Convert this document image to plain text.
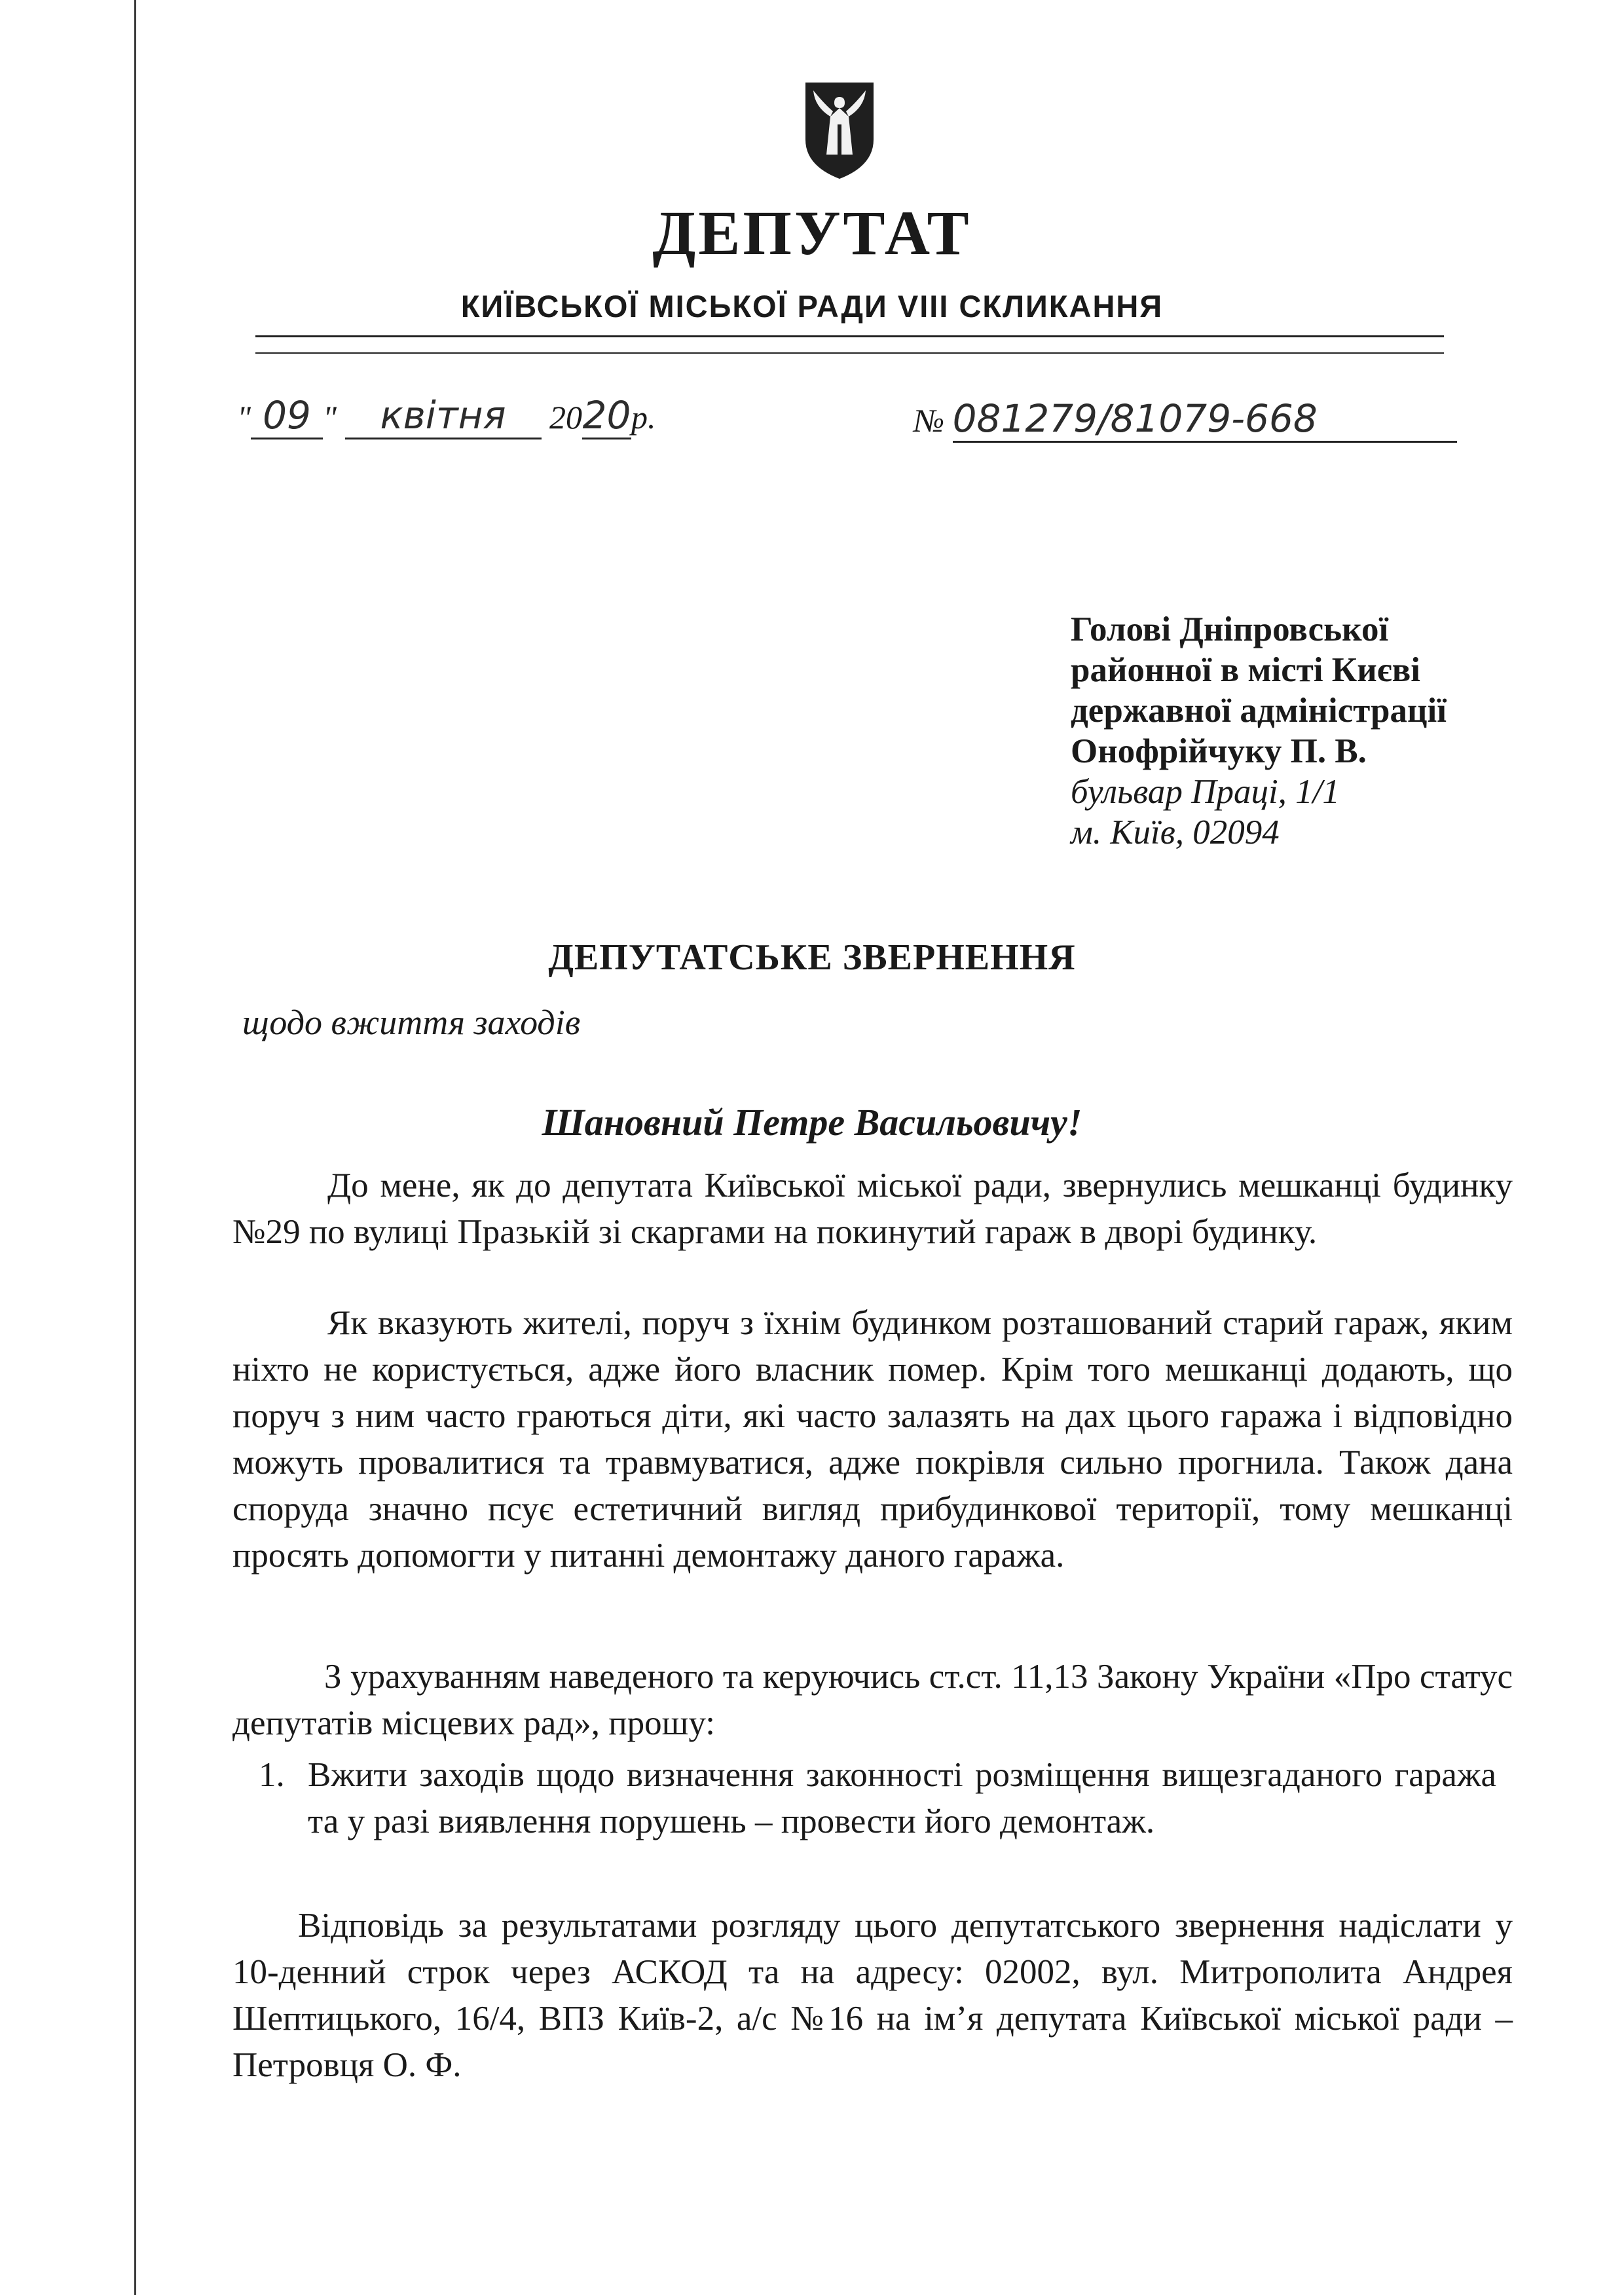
ДЕПУТАТ
КИЇВСЬКОЇ МІСЬКОЇ РАДИ VIII СКЛИКАННЯ
" 09 " квітня 2020р.	№ 081279/81079-668
Голові Дніпровської
районної в місті Києві
державної адміністрації
Онофрійчуку П. В.
бульвар Праці, 1/1
м. Київ, 02094
ДЕПУТАТСЬКЕ ЗВЕРНЕННЯ
щодо вжиття заходів
Шановний Петре Васильовичу!
До мене, як до депутата Київської міської ради, звернулись мешканці будинку №29 по вулиці Празькій зі скаргами на покинутий гараж в дворі будинку.
Як вказують жителі, поруч з їхнім будинком розташований старий гараж, яким ніхто не користується, адже його власник помер. Крім того мешканці додають, що поруч з ним часто граються діти, які часто залазять на дах цього гаража і відповідно можуть провалитися та травмуватися, адже покрівля сильно прогнила. Також дана споруда значно псує естетичний вигляд прибудинкової території, тому мешканці просять допомогти у питанні демонтажу даного гаража.
З урахуванням наведеного та керуючись ст.ст. 11,13 Закону України «Про статус депутатів місцевих рад», прошу:
1. Вжити заходів щодо визначення законності розміщення вищезгаданого гаража та у разі виявлення порушень – провести його демонтаж.
Відповідь за результатами розгляду цього депутатського звернення надіслати у 10-денний строк через АСКОД та на адресу: 02002, вул. Митрополита Андрея Шептицького, 16/4, ВПЗ Київ-2, а/с №16 на ім’я депутата Київської міської ради – Петровця О. Ф.
